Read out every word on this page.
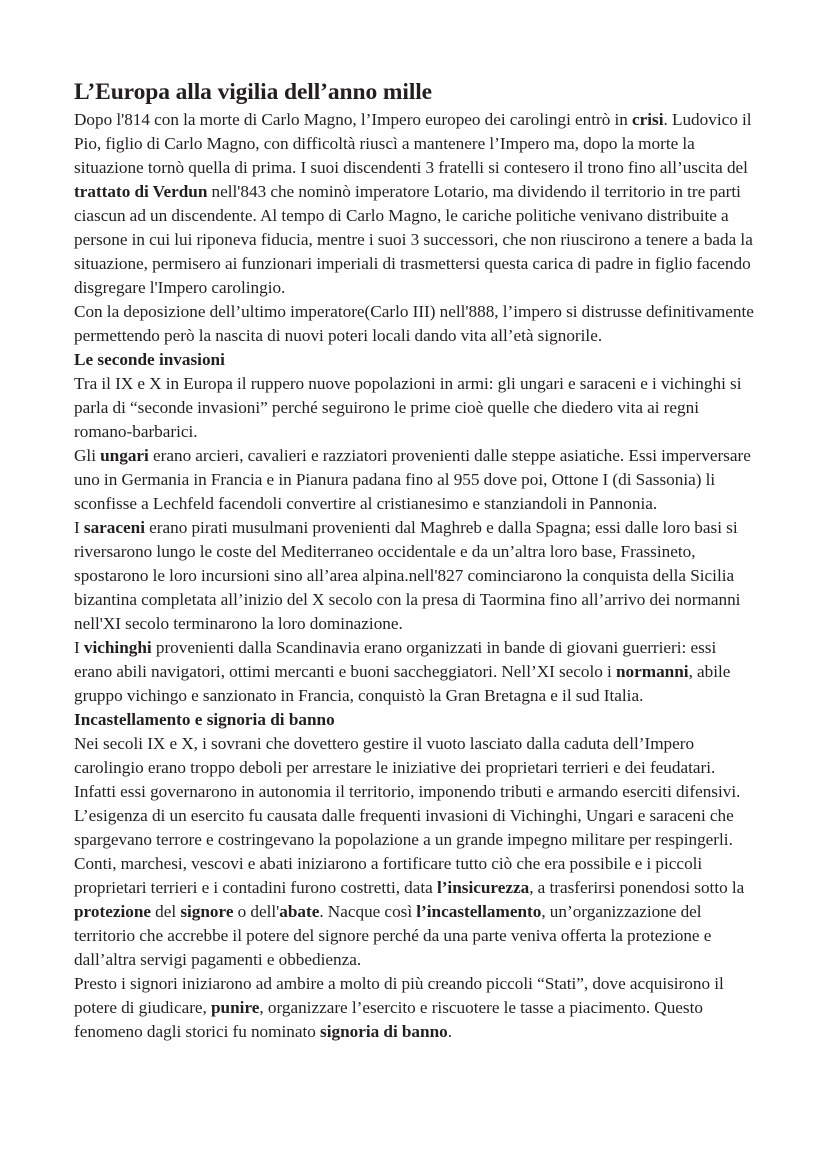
L’Europa alla vigilia dell’anno mille

Dopo l'814 con la morte di Carlo Magno, l’Impero europeo dei carolingi entrò in crisi. Ludovico il Pio, figlio di Carlo Magno, con difficoltà riuscì a mantenere l’Impero ma, dopo la morte la situazione tornò quella di prima. I suoi discendenti 3 fratelli si contesero il trono fino all’uscita del trattato di Verdun nell'843 che nominò imperatore Lotario, ma dividendo il territorio in tre parti ciascun ad un discendente. Al tempo di Carlo Magno, le cariche politiche venivano distribuite a persone in cui lui riponeva fiducia, mentre i suoi 3 successori, che non riuscirono a tenere a bada la situazione, permisero ai funzionari imperiali di trasmettersi questa carica di padre in figlio facendo disgregare l'Impero carolingio.

Con la deposizione dell’ultimo imperatore(Carlo III) nell'888, l’impero si distrusse definitivamente permettendo però la nascita di nuovi poteri locali dando vita all’età signorile.

Le seconde invasioni

Tra il IX e X in Europa il ruppero nuove popolazioni in armi: gli ungari e saraceni e i vichinghi si parla di “seconde invasioni” perché seguirono le prime cioè quelle che diedero vita ai regni romano-barbarici.

Gli ungari erano arcieri, cavalieri e razziatori provenienti dalle steppe asiatiche. Essi imperversare uno in Germania in Francia e in Pianura padana fino al 955 dove poi, Ottone I (di Sassonia) li sconfisse a Lechfeld facendoli convertire al cristianesimo e stanziandoli in Pannonia.

I saraceni erano pirati musulmani provenienti dal Maghreb e dalla Spagna; essi dalle loro basi si riversarono lungo le coste del Mediterraneo occidentale e da un’altra loro base, Frassineto, spostarono le loro incursioni sino all’area alpina.nell'827 cominciarono la conquista della Sicilia bizantina completata all’inizio del X secolo con la presa di Taormina fino all’arrivo dei normanni nell'XI secolo terminarono la loro dominazione.

I vichinghi provenienti dalla Scandinavia erano organizzati in bande di giovani guerrieri: essi erano abili navigatori, ottimi mercanti e buoni saccheggiatori. Nell’XI secolo i normanni, abile gruppo vichingo e sanzionato in Francia, conquistò la Gran Bretagna e il sud Italia.

Incastellamento e signoria di banno

Nei secoli IX e X, i sovrani che dovettero gestire il vuoto lasciato dalla caduta dell’Impero carolingio erano troppo deboli per arrestare le iniziative dei proprietari terrieri e dei feudatari. Infatti essi governarono in autonomia il territorio, imponendo tributi e armando eserciti difensivi. L’esigenza di un esercito fu causata dalle frequenti invasioni di Vichinghi, Ungari e saraceni che spargevano terrore e costringevano la popolazione a un grande impegno militare per respingerli.

Conti, marchesi, vescovi e abati iniziarono a fortificare tutto ciò che era possibile e i piccoli proprietari terrieri e i contadini furono costretti, data l’insicurezza, a trasferirsi ponendosi sotto la protezione del signore o dell'abate. Nacque così l’incastellamento, un’organizzazione del territorio che accrebbe il potere del signore perché da una parte veniva offerta la protezione e dall’altra servigi pagamenti e obbedienza.

Presto i signori iniziarono ad ambire a molto di più creando piccoli “Stati”, dove acquisirono il potere di giudicare, punire, organizzare l’esercito e riscuotere le tasse a piacimento. Questo fenomeno dagli storici fu nominato signoria di banno.
